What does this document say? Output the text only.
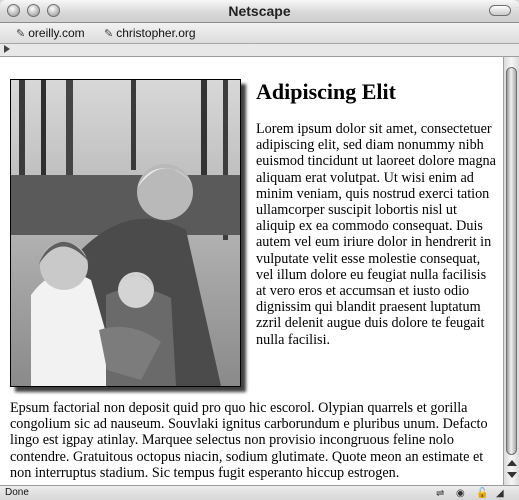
Netscape
✎ oreilly.com ✎ christopher.org
Adipiscing Elit

Lorem ipsum dolor sit amet, consectetuer adipiscing elit, sed diam nonummy nibh euismod tincidunt ut laoreet dolore magna aliquam erat volutpat. Ut wisi enim ad minim veniam, quis nostrud exerci tation ullamcorper suscipit lobortis nisl ut aliquip ex ea commodo consequat. Duis autem vel eum iriure dolor in hendrerit in vulputate velit esse molestie consequat, vel illum dolore eu feugiat nulla facilisis at vero eros et accumsan et iusto odio dignissim qui blandit praesent luptatum zzril delenit augue duis dolore te feugait nulla facilisi.

Epsum factorial non deposit quid pro quo hic escorol. Olypian quarrels et gorilla congolium sic ad nauseum. Souvlaki ignitus carborundum e pluribus unum. Defacto lingo est igpay atinlay. Marquee selectus non provisio incongruous feline nolo contendre. Gratuitous octopus niacin, sodium glutimate. Quote meon an estimate et non interruptus stadium. Sic tempus fugit esperanto hiccup estrogen.

Done	⇌ ◉ 🔓 ◢
